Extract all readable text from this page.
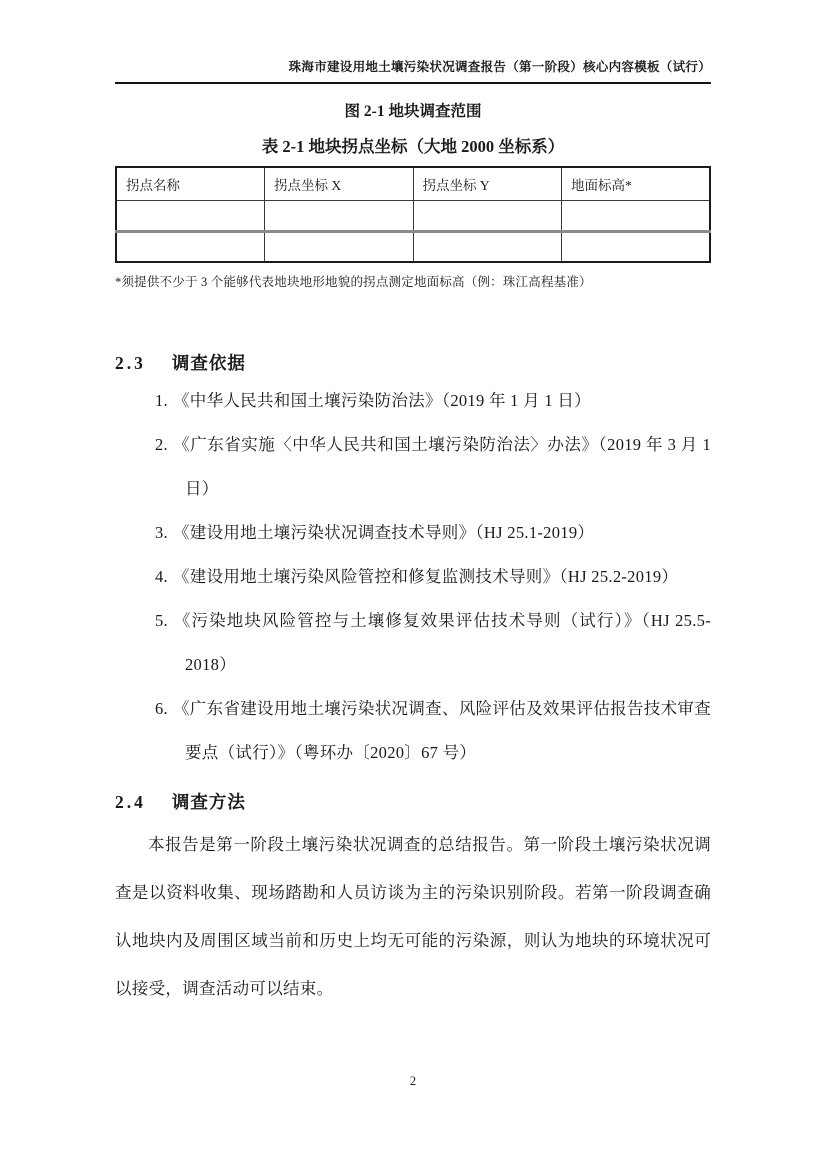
珠海市建设用地土壤污染状况调查报告（第一阶段）核心内容模板（试行）
图 2-1 地块调查范围
表 2-1 地块拐点坐标（大地 2000 坐标系）
拐点名称	拐点坐标 X	拐点坐标 Y	地面标高*

*须提供不少于 3 个能够代表地块地形地貌的拐点测定地面标高（例：珠江高程基准）
2.3 调查依据
1. 《中华人民共和国土壤污染防治法》（2019 年 1 月 1 日）
2. 《广东省实施〈中华人民共和国土壤污染防治法〉办法》（2019 年 3 月 1 日）
3. 《建设用地土壤污染状况调查技术导则》（HJ 25.1-2019）
4. 《建设用地土壤污染风险管控和修复监测技术导则》（HJ 25.2-2019）
5. 《污染地块风险管控与土壤修复效果评估技术导则（试行）》（HJ 25.5-2018）
6. 《广东省建设用地土壤污染状况调查、风险评估及效果评估报告技术审查要点（试行）》（粤环办〔2020〕67 号）
2.4 调查方法
本报告是第一阶段土壤污染状况调查的总结报告。第一阶段土壤污染状况调查是以资料收集、现场踏勘和人员访谈为主的污染识别阶段。若第一阶段调查确认地块内及周围区域当前和历史上均无可能的污染源，则认为地块的环境状况可以接受，调查活动可以结束。
2
